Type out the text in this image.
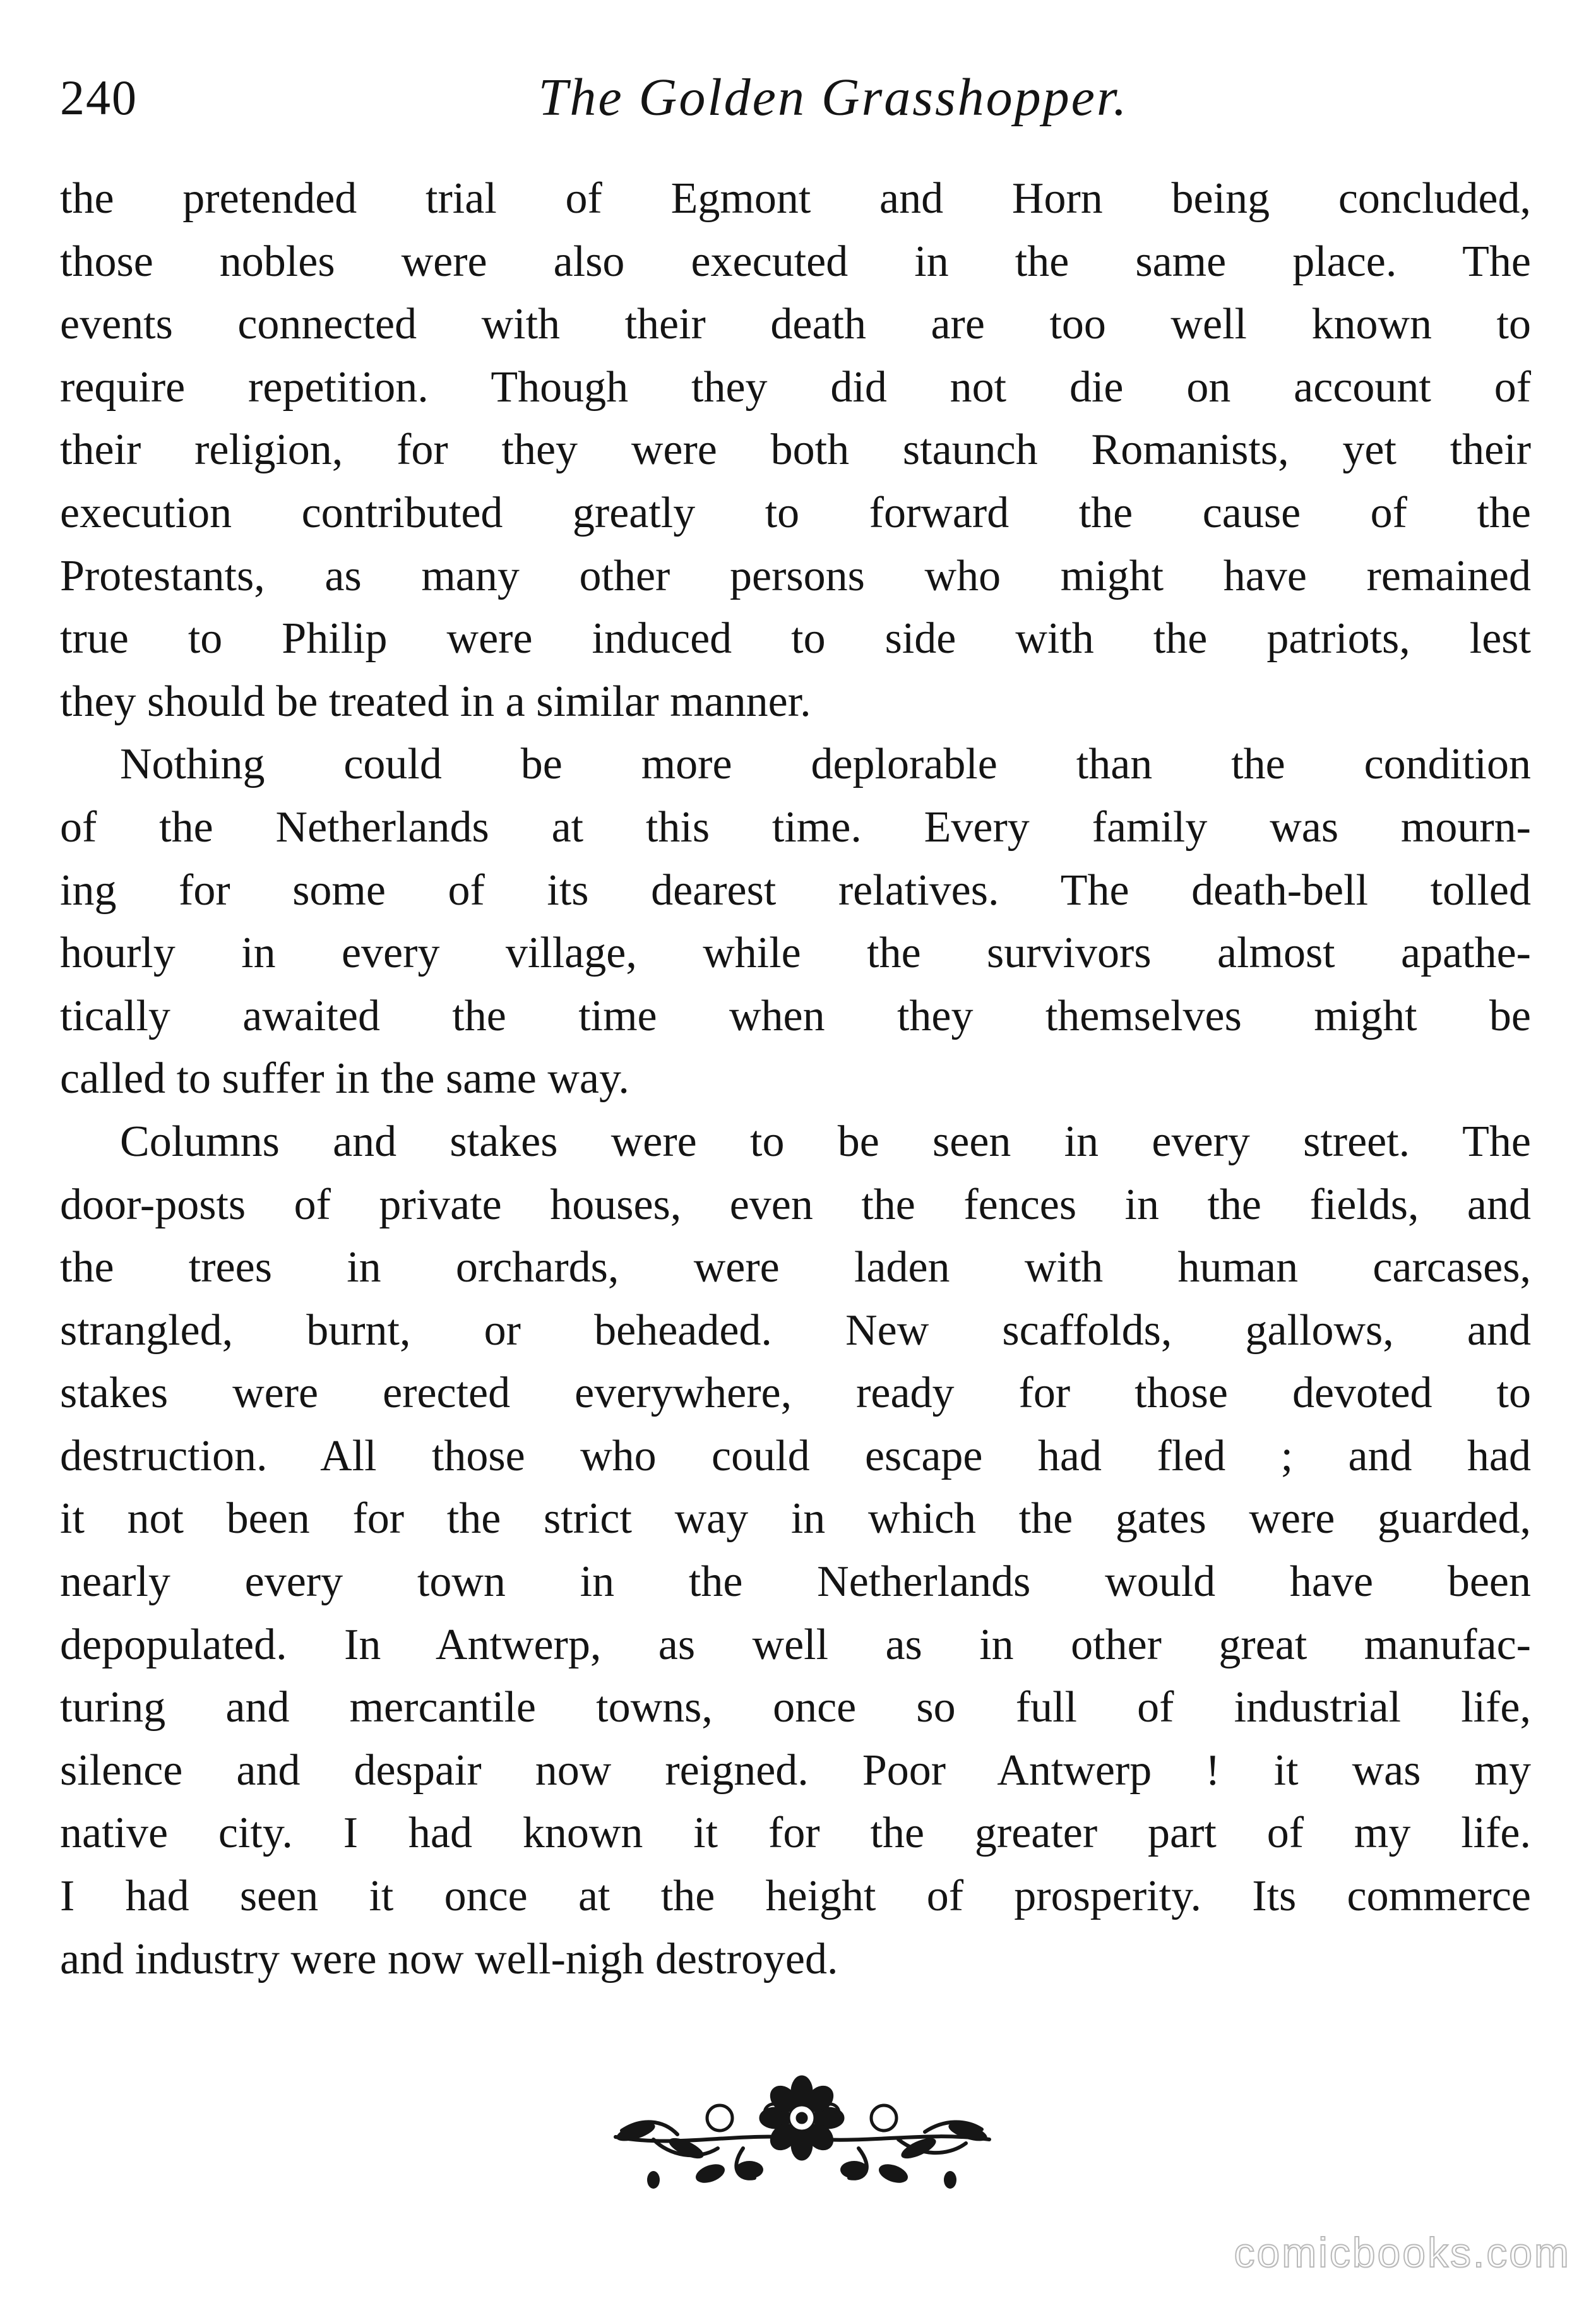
240	The Golden Grasshopper.
the pretended trial of Egmont and Horn being concluded,
those nobles were also executed in the same place. The
events connected with their death are too well known to
require repetition. Though they did not die on account of
their religion, for they were both staunch Romanists, yet their
execution contributed greatly to forward the cause of the
Protestants, as many other persons who might have remained
true to Philip were induced to side with the patriots, lest
they should be treated in a similar manner.
Nothing could be more deplorable than the condition
of the Netherlands at this time. Every family was mourn-
ing for some of its dearest relatives. The death-bell tolled
hourly in every village, while the survivors almost apathe-
tically awaited the time when they themselves might be
called to suffer in the same way.
Columns and stakes were to be seen in every street. The
door-posts of private houses, even the fences in the fields, and
the trees in orchards, were laden with human carcases,
strangled, burnt, or beheaded. New scaffolds, gallows, and
stakes were erected everywhere, ready for those devoted to
destruction. All those who could escape had fled ; and had
it not been for the strict way in which the gates were guarded,
nearly every town in the Netherlands would have been
depopulated. In Antwerp, as well as in other great manufac-
turing and mercantile towns, once so full of industrial life,
silence and despair now reigned. Poor Antwerp ! it was my
native city. I had known it for the greater part of my life.
I had seen it once at the height of prosperity. Its commerce
and industry were now well-nigh destroyed.
comicbooks.com
